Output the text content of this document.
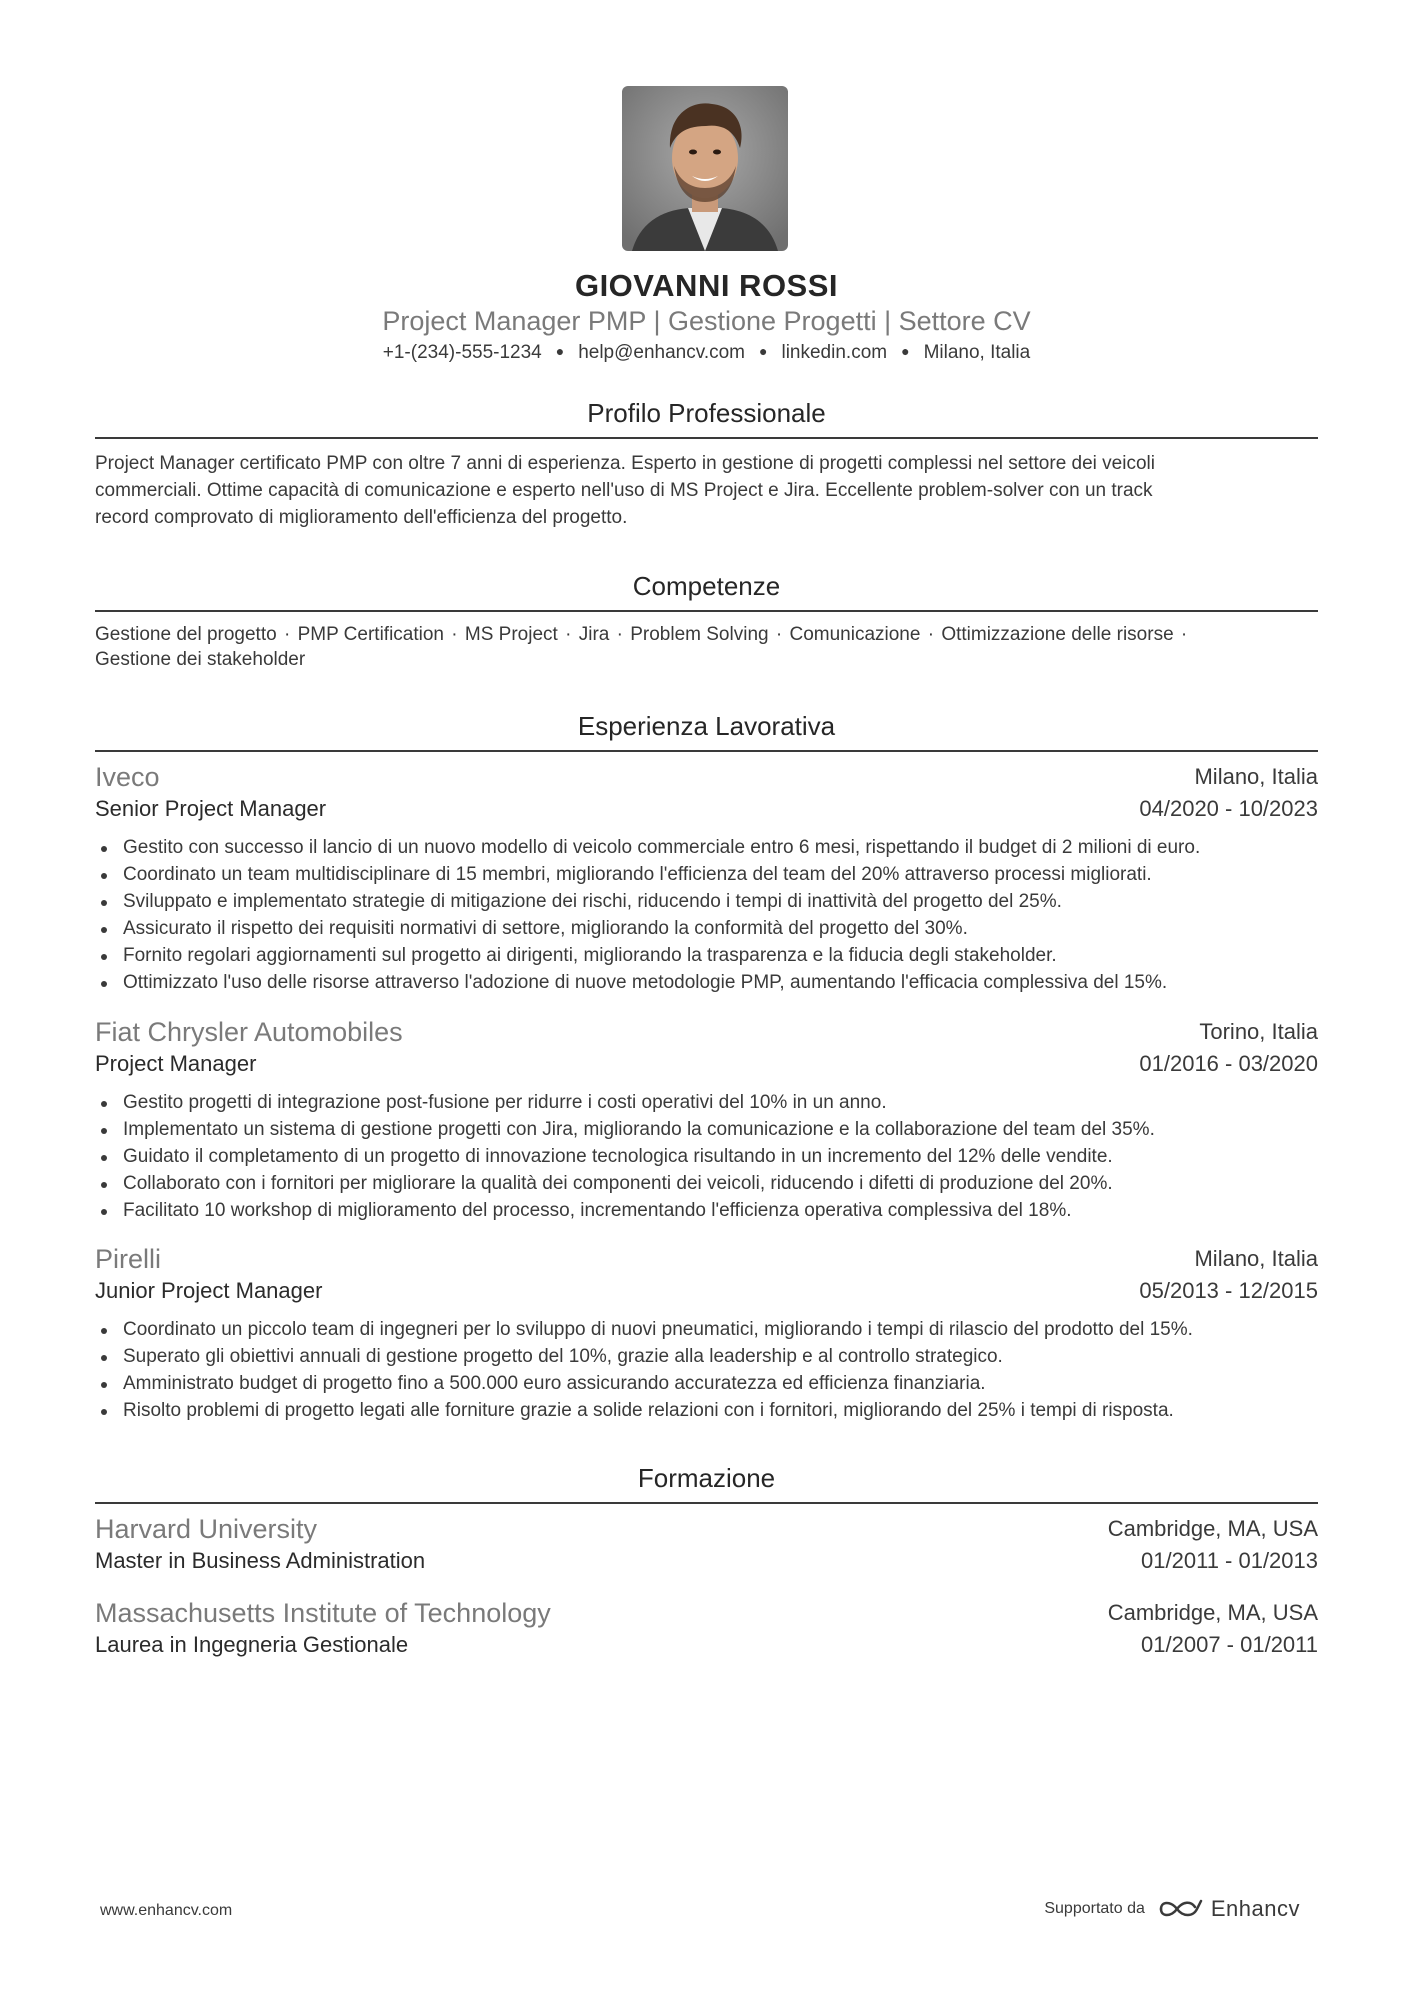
GIOVANNI ROSSI
Project Manager PMP | Gestione Progetti | Settore CV
+1-(234)-555-1234 ● help@enhancv.com ● linkedin.com ● Milano, Italia
Profilo Professionale
Project Manager certificato PMP con oltre 7 anni di esperienza. Esperto in gestione di progetti complessi nel settore dei veicoli
commerciali. Ottime capacità di comunicazione e esperto nell'uso di MS Project e Jira. Eccellente problem-solver con un track
record comprovato di miglioramento dell'efficienza del progetto.
Competenze
Gestione del progetto · PMP Certification · MS Project · Jira · Problem Solving · Comunicazione · Ottimizzazione delle risorse ·
Gestione dei stakeholder
Esperienza Lavorativa
Iveco	Milano, Italia
Senior Project Manager	04/2020 - 10/2023
Gestito con successo il lancio di un nuovo modello di veicolo commerciale entro 6 mesi, rispettando il budget di 2 milioni di euro.
Coordinato un team multidisciplinare di 15 membri, migliorando l'efficienza del team del 20% attraverso processi migliorati.
Sviluppato e implementato strategie di mitigazione dei rischi, riducendo i tempi di inattività del progetto del 25%.
Assicurato il rispetto dei requisiti normativi di settore, migliorando la conformità del progetto del 30%.
Fornito regolari aggiornamenti sul progetto ai dirigenti, migliorando la trasparenza e la fiducia degli stakeholder.
Ottimizzato l'uso delle risorse attraverso l'adozione di nuove metodologie PMP, aumentando l'efficacia complessiva del 15%.
Fiat Chrysler Automobiles	Torino, Italia
Project Manager	01/2016 - 03/2020
Gestito progetti di integrazione post-fusione per ridurre i costi operativi del 10% in un anno.
Implementato un sistema di gestione progetti con Jira, migliorando la comunicazione e la collaborazione del team del 35%.
Guidato il completamento di un progetto di innovazione tecnologica risultando in un incremento del 12% delle vendite.
Collaborato con i fornitori per migliorare la qualità dei componenti dei veicoli, riducendo i difetti di produzione del 20%.
Facilitato 10 workshop di miglioramento del processo, incrementando l'efficienza operativa complessiva del 18%.
Pirelli	Milano, Italia
Junior Project Manager	05/2013 - 12/2015
Coordinato un piccolo team di ingegneri per lo sviluppo di nuovi pneumatici, migliorando i tempi di rilascio del prodotto del 15%.
Superato gli obiettivi annuali di gestione progetto del 10%, grazie alla leadership e al controllo strategico.
Amministrato budget di progetto fino a 500.000 euro assicurando accuratezza ed efficienza finanziaria.
Risolto problemi di progetto legati alle forniture grazie a solide relazioni con i fornitori, migliorando del 25% i tempi di risposta.
Formazione
Harvard University	Cambridge, MA, USA
Master in Business Administration	01/2011 - 01/2013
Massachusetts Institute of Technology	Cambridge, MA, USA
Laurea in Ingegneria Gestionale	01/2007 - 01/2011
www.enhancv.com	Supportato da	Enhancv
